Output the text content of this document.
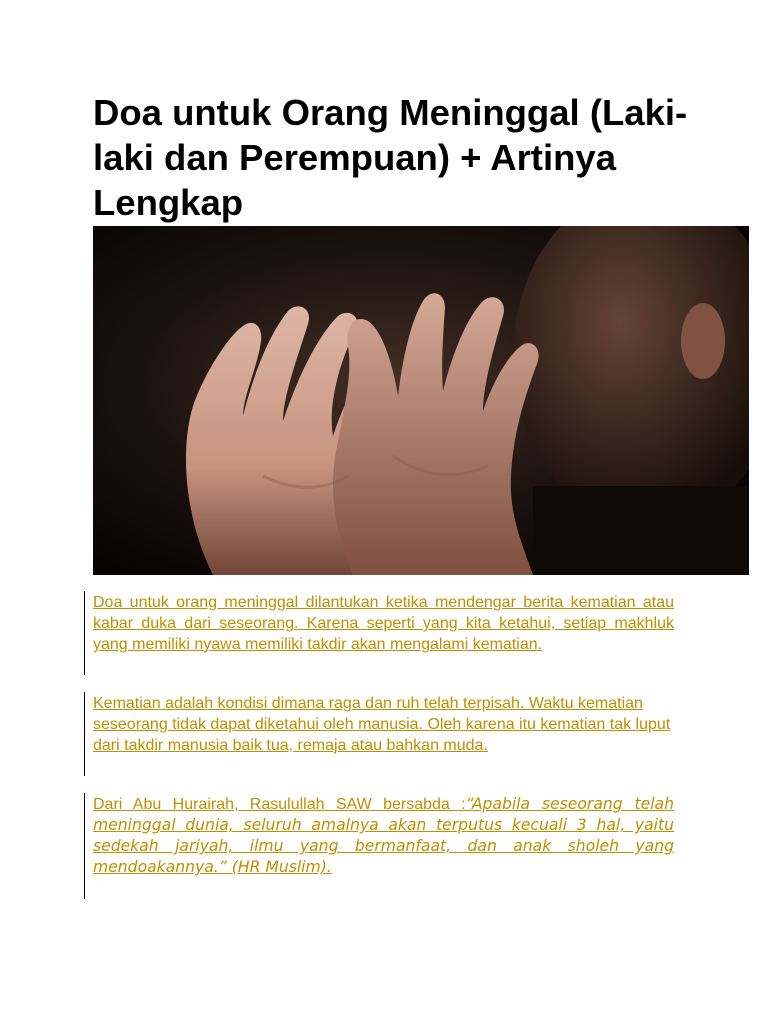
Doa untuk Orang Meninggal (Laki-laki dan Perempuan) + Artinya Lengkap

Doa untuk orang meninggal dilantukan ketika mendengar berita kematian atau kabar duka dari seseorang. Karena seperti yang kita ketahui, setiap makhluk yang memiliki nyawa memiliki takdir akan mengalami kematian.

Kematian adalah kondisi dimana raga dan ruh telah terpisah. Waktu kematian seseorang tidak dapat diketahui oleh manusia. Oleh karena itu kematian tak luput dari takdir manusia baik tua, remaja atau bahkan muda.

Dari Abu Hurairah, Rasulullah SAW bersabda :“Apabila seseorang telah meninggal dunia, seluruh amalnya akan terputus kecuali 3 hal, yaitu sedekah jariyah, ilmu yang bermanfaat, dan anak sholeh yang mendoakannya.” (HR Muslim).
